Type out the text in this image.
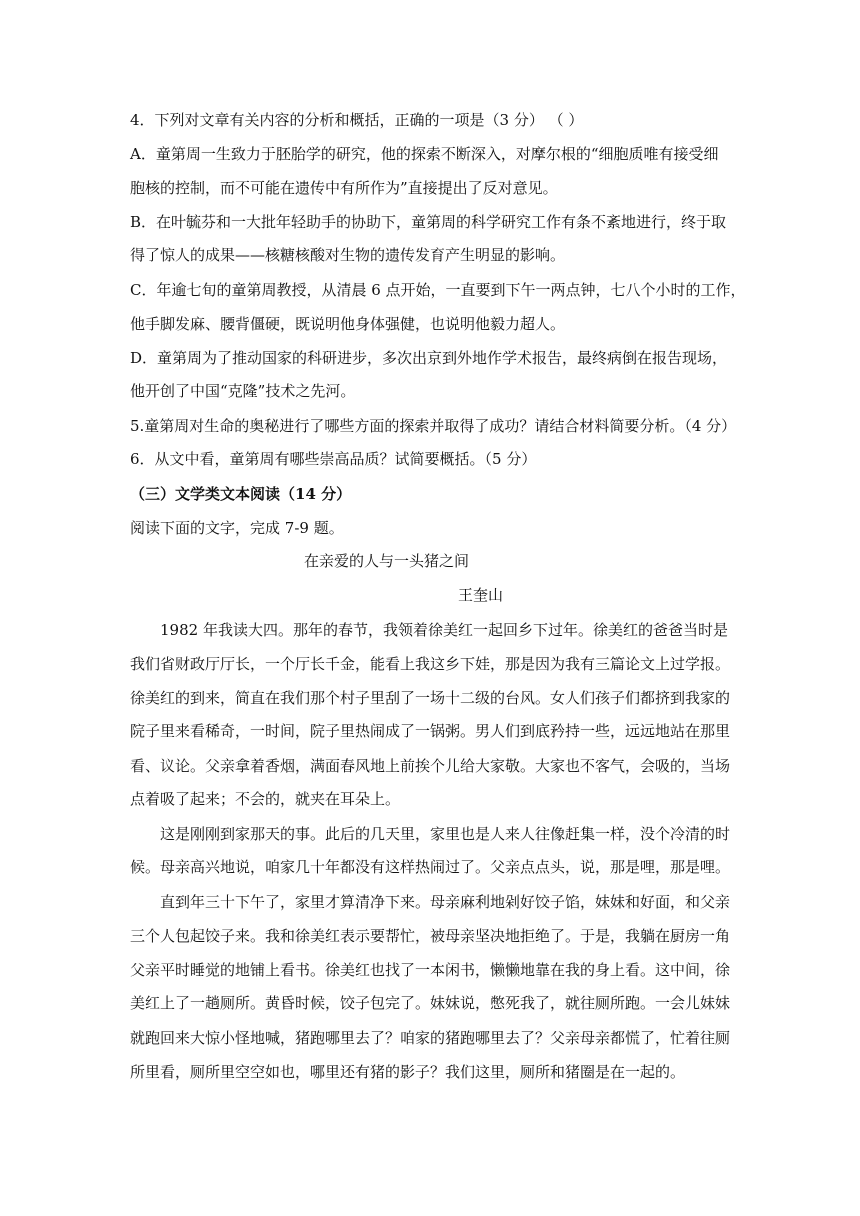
4．下列对文章有关内容的分析和概括，正确的一项是（3 分） （ ）
A．童第周一生致力于胚胎学的研究，他的探索不断深入，对摩尔根的“细胞质唯有接受细
胞核的控制，而不可能在遗传中有所作为”直接提出了反对意见。
B．在叶毓芬和一大批年轻助手的协助下，童第周的科学研究工作有条不紊地进行，终于取
得了惊人的成果——核糖核酸对生物的遗传发育产生明显的影响。
C．年逾七旬的童第周教授，从清晨 6 点开始，一直要到下午一两点钟，七八个小时的工作，
他手脚发麻、腰背僵硬，既说明他身体强健，也说明他毅力超人。
D．童第周为了推动国家的科研进步，多次出京到外地作学术报告，最终病倒在报告现场，
他开创了中国“克隆”技术之先河。
5.童第周对生命的奥秘进行了哪些方面的探索并取得了成功？请结合材料简要分析。（4 分）
6．从文中看，童第周有哪些崇高品质？试简要概括。（5 分）
（三）文学类文本阅读（14 分）
阅读下面的文字，完成 7-9 题。
在亲爱的人与一头猪之间
王奎山
1982 年我读大四。那年的春节，我领着徐美红一起回乡下过年。徐美红的爸爸当时是
我们省财政厅厅长，一个厅长千金，能看上我这乡下娃，那是因为我有三篇论文上过学报。
徐美红的到来，简直在我们那个村子里刮了一场十二级的台风。女人们孩子们都挤到我家的
院子里来看稀奇，一时间，院子里热闹成了一锅粥。男人们到底矜持一些，远远地站在那里
看、议论。父亲拿着香烟，满面春风地上前挨个儿给大家敬。大家也不客气，会吸的，当场
点着吸了起来；不会的，就夹在耳朵上。
这是刚刚到家那天的事。此后的几天里，家里也是人来人往像赶集一样，没个冷清的时
候。母亲高兴地说，咱家几十年都没有这样热闹过了。父亲点点头，说，那是哩，那是哩。
直到年三十下午了，家里才算清净下来。母亲麻利地剁好饺子馅，妹妹和好面，和父亲
三个人包起饺子来。我和徐美红表示要帮忙，被母亲坚决地拒绝了。于是，我躺在厨房一角
父亲平时睡觉的地铺上看书。徐美红也找了一本闲书，懒懒地靠在我的身上看。这中间，徐
美红上了一趟厕所。黄昏时候，饺子包完了。妹妹说，憋死我了，就往厕所跑。一会儿妹妹
就跑回来大惊小怪地喊，猪跑哪里去了？咱家的猪跑哪里去了？父亲母亲都慌了，忙着往厕
所里看，厕所里空空如也，哪里还有猪的影子？我们这里，厕所和猪圈是在一起的。
